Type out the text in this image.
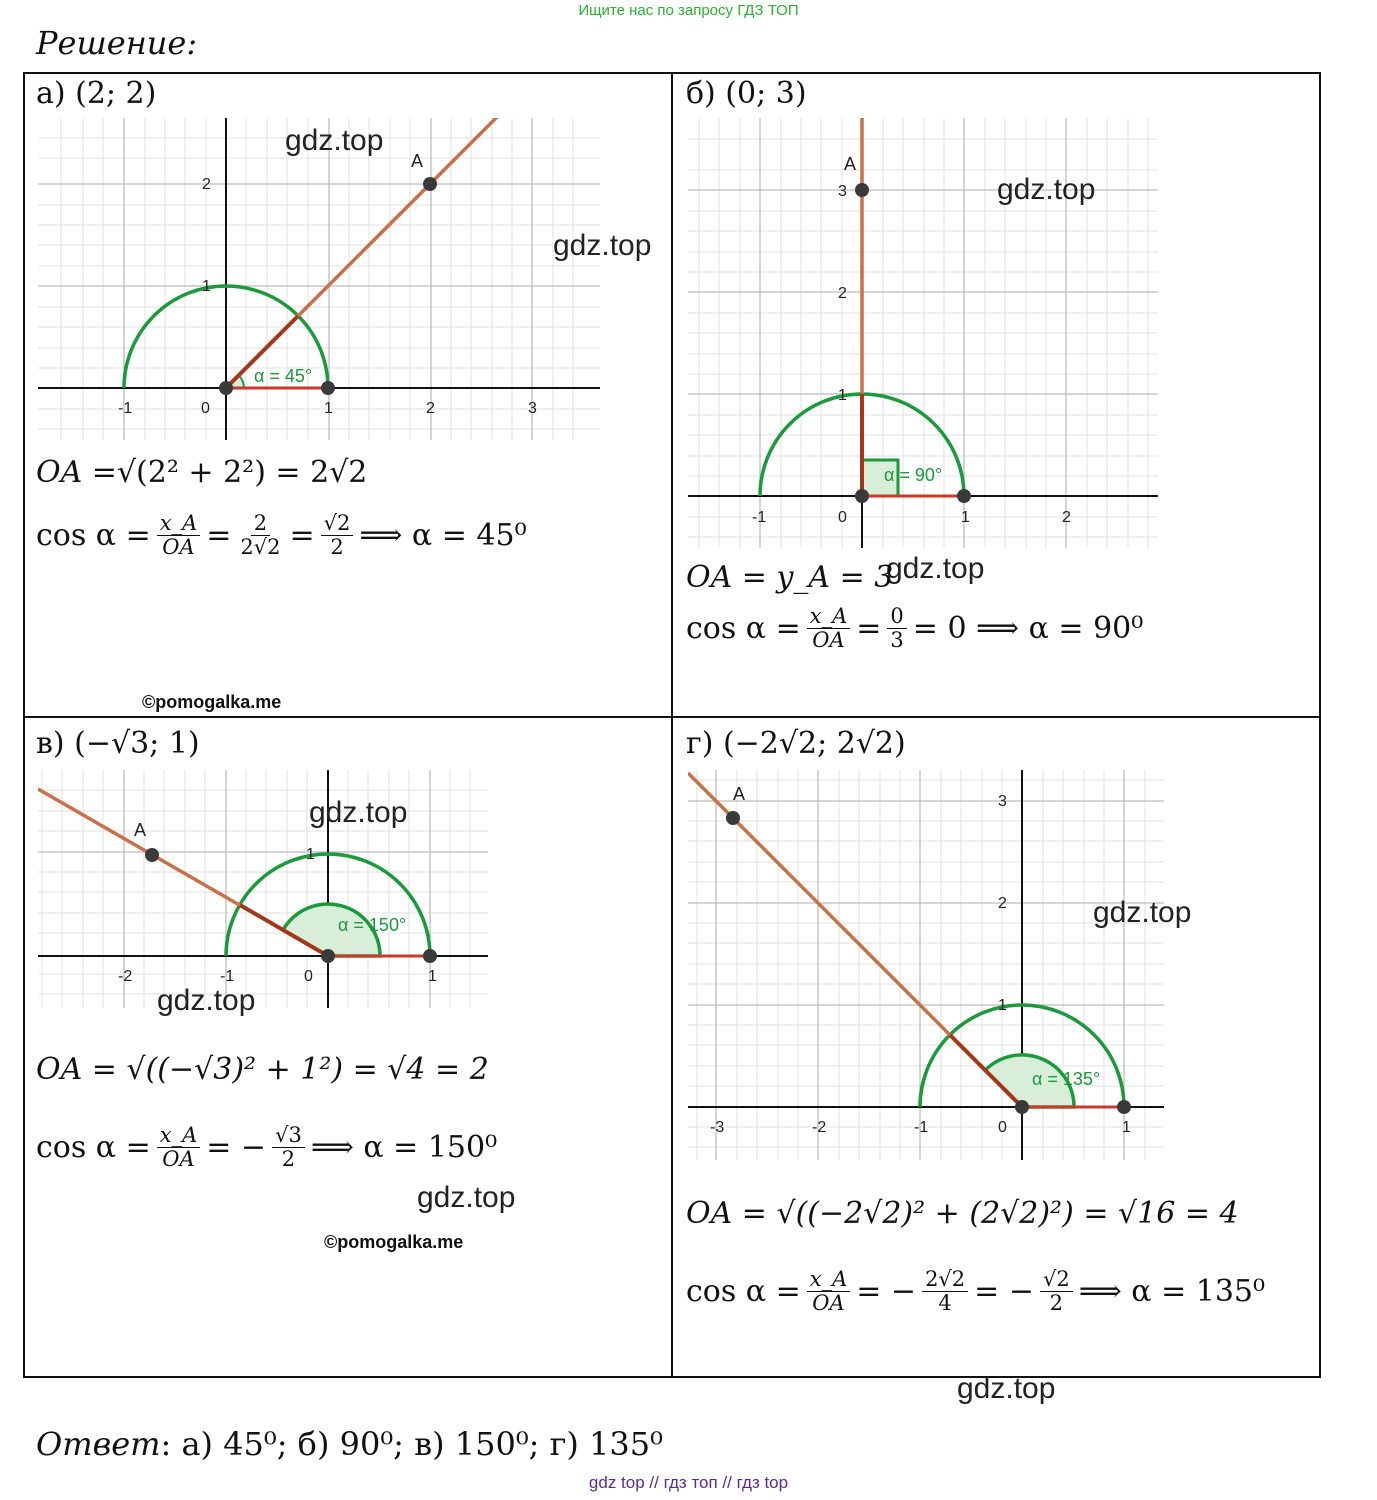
Ищите нас по запросу ГДЗ ТОП
Решение:
а) (2; 2)
A
α = 45°
-1	0	1	2	3
1
2
gdz.top
gdz.top
OA = √(2² + 2²) = 2√2
$\cos \alpha = \frac{x\_A}{OA} = \frac{2}{2√2} = \frac{√2}{2}$ ⟹ α = 45⁰
©pomogalka.me
б) (0; 3)
A
α = 90°
-1	0	1	2
1
2
3	gdz.top
gdz.top
OA = y_A = 3
$\cos \alpha = \frac{x\_A}{OA} = \frac{0}{3} = 0$ ⟹ α = 90⁰
в) (−√3; 1)
A
α = 150°
-2	-1	0	1
1
gdz.top
gdz.top
OA = √((−√3)² + 1²) = √4 = 2
$\cos \alpha = \frac{x\_A}{OA}$ = − $\frac{√3}{2}$ ⟹ α = 150⁰
gdz.top
©pomogalka.me
г) (−2√2; 2√2)
A
α = 135°
-3	-2	-1	0	1
1
2
3
gdz.top
OA = √((−2√2)² + (2√2)²) = √16 = 4
$\cos \alpha = \frac{x\_A}{OA}$ = − $\frac{2√2}{4}$ = − $\frac{√2}{2}$ ⟹ α = 135⁰
gdz.top
Ответ: а) 45⁰; б) 90⁰; в) 150⁰; г) 135⁰
gdz top // гдз топ // гдз top
